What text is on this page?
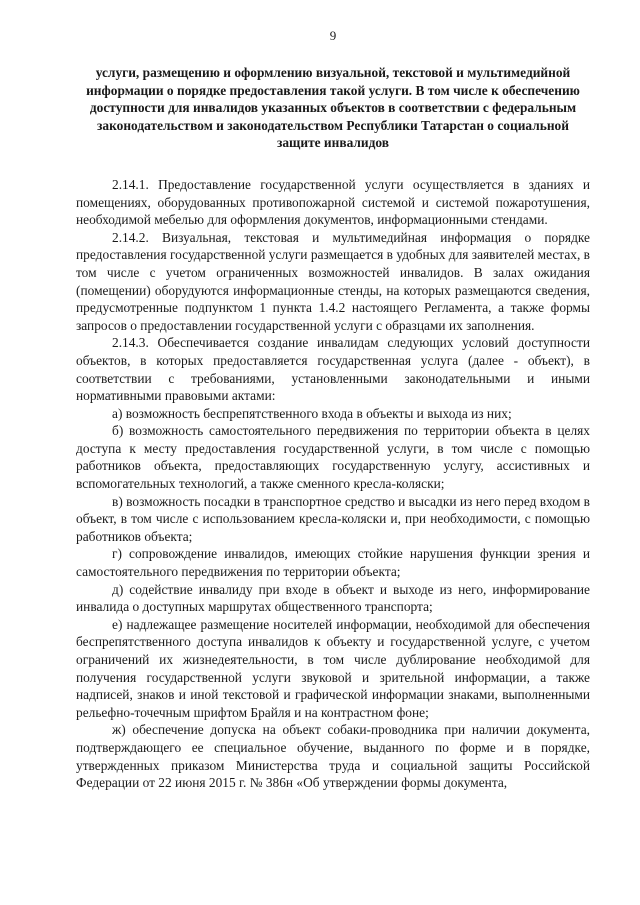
9
услуги, размещению и оформлению визуальной, текстовой и мультимедийной информации о порядке предоставления такой услуги. В том числе к обеспечению доступности для инвалидов указанных объектов в соответствии с федеральным законодательством и законодательством Республики Татарстан о социальной защите инвалидов

2.14.1. Предоставление государственной услуги осуществляется в зданиях и помещениях, оборудованных противопожарной системой и системой пожаротушения, необходимой мебелью для оформления документов, информационными стендами.

2.14.2. Визуальная, текстовая и мультимедийная информация о порядке предоставления государственной услуги размещается в удобных для заявителей местах, в том числе с учетом ограниченных возможностей инвалидов. В залах ожидания (помещении) оборудуются информационные стенды, на которых размещаются сведения, предусмотренные подпунктом 1 пункта 1.4.2 настоящего Регламента, а также формы запросов о предоставлении государственной услуги с образцами их заполнения.

2.14.3. Обеспечивается создание инвалидам следующих условий доступности объектов, в которых предоставляется государственная услуга (далее - объект), в соответствии с требованиями, установленными законодательными и иными нормативными правовыми актами:

а) возможность беспрепятственного входа в объекты и выхода из них;

б) возможность самостоятельного передвижения по территории объекта в целях доступа к месту предоставления государственной услуги, в том числе с помощью работников объекта, предоставляющих государственную услугу, ассистивных и вспомогательных технологий, а также сменного кресла-коляски;

в) возможность посадки в транспортное средство и высадки из него перед входом в объект, в том числе с использованием кресла-коляски и, при необходимости, с помощью работников объекта;

г) сопровождение инвалидов, имеющих стойкие нарушения функции зрения и самостоятельного передвижения по территории объекта;

д) содействие инвалиду при входе в объект и выходе из него, информирование инвалида о доступных маршрутах общественного транспорта;

е) надлежащее размещение носителей информации, необходимой для обеспечения беспрепятственного доступа инвалидов к объекту и государственной услуге, с учетом ограничений их жизнедеятельности, в том числе дублирование необходимой для получения государственной услуги звуковой и зрительной информации, а также надписей, знаков и иной текстовой и графической информации знаками, выполненными рельефно-точечным шрифтом Брайля и на контрастном фоне;

ж) обеспечение допуска на объект собаки-проводника при наличии документа, подтверждающего ее специальное обучение, выданного по форме и в порядке, утвержденных приказом Министерства труда и социальной защиты Российской Федерации от 22 июня 2015 г. № 386н «Об утверждении формы документа,
